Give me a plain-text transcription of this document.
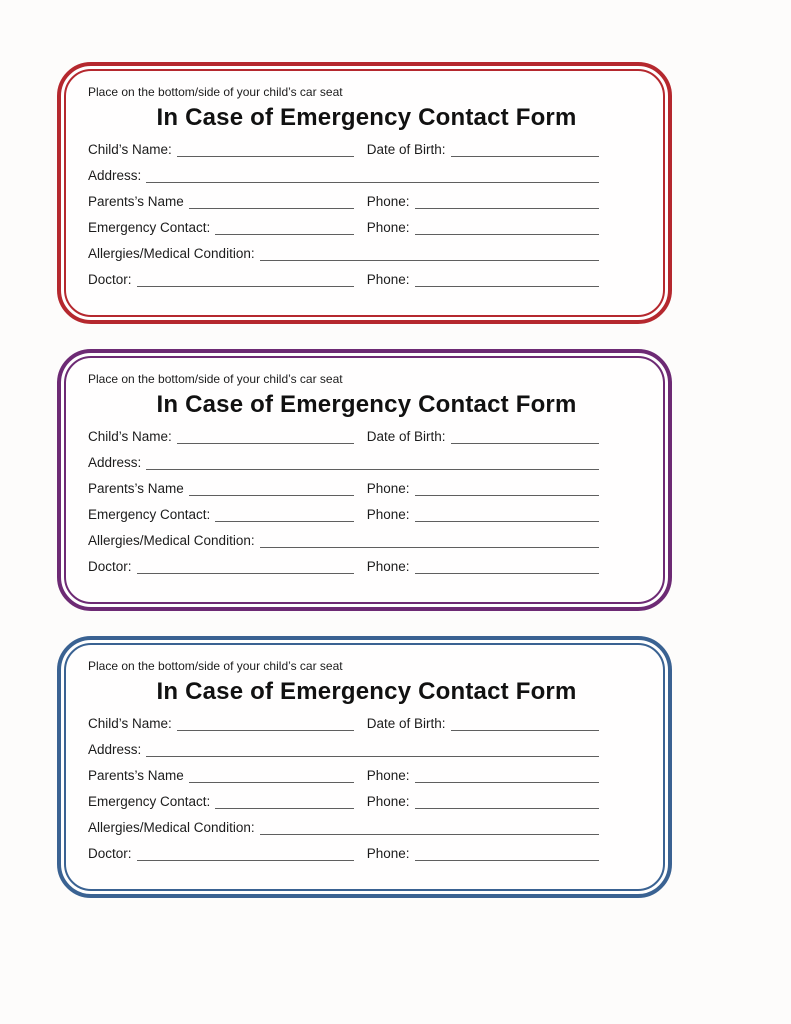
Place on the bottom/side of your child’s car seat
In Case of Emergency Contact Form
Child’s Name:	Date of Birth:
Address:
Parents’s Name	Phone:
Emergency Contact:	Phone:
Allergies/Medical Condition:
Doctor:	Phone:
Place on the bottom/side of your child’s car seat
In Case of Emergency Contact Form
Child’s Name:	Date of Birth:
Address:
Parents’s Name	Phone:
Emergency Contact:	Phone:
Allergies/Medical Condition:
Doctor:	Phone:
Place on the bottom/side of your child’s car seat
In Case of Emergency Contact Form
Child’s Name:	Date of Birth:
Address:
Parents’s Name	Phone:
Emergency Contact:	Phone:
Allergies/Medical Condition:
Doctor:	Phone:
